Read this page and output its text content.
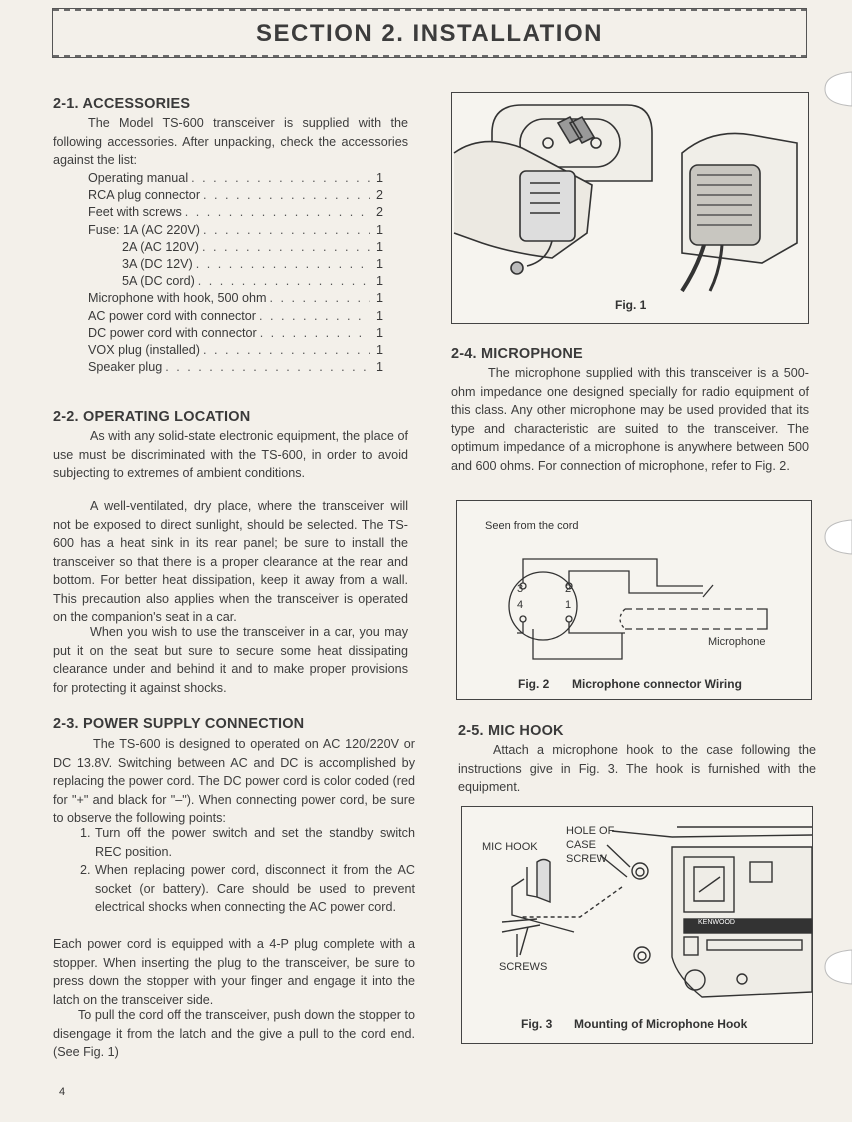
SECTION 2. INSTALLATION
2-1. ACCESSORIES

The Model TS-600 transceiver is supplied with the following accessories. After unpacking, check the accessories against the list:

Operating manual . . .	1
RCA plug connector . . .	2
Feet with screws . . .	2
Fuse: 1A (AC 220V) . . .	1
2A (AC 120V) . . .	1
3A (DC 12V) . . .	1
5A (DC cord) . . .	1
Microphone with hook, 500 ohm . . .	1
AC power cord with connector . . .	1
DC power cord with connector . . .	1
VOX plug (installed) . . .	1
Speaker plug . . .	1
2-2. OPERATING LOCATION

As with any solid-state electronic equipment, the place of use must be discriminated with the TS-600, in order to avoid subjecting to extremes of ambient conditions.

A well-ventilated, dry place, where the transceiver will not be exposed to direct sunlight, should be selected. The TS-600 has a heat sink in its rear panel; be sure to install the transceiver so that there is a proper clearance at the rear and bottom. For better heat dissipation, keep it away from a wall. This precaution also applies when the transceiver is operated on the companion's seat in a car.

When you wish to use the transceiver in a car, you may put it on the seat but sure to secure some heat dissipating clearance under and behind it and to make proper provisions for protecting it against shocks.

2-3. POWER SUPPLY CONNECTION

The TS-600 is designed to operated on AC 120/220V or DC 13.8V. Switching between AC and DC is accomplished by replacing the power cord. The DC power cord is color coded (red for "+" and black for "–"). When connecting power cord, be sure to observe the following points:

1. Turn off the power switch and set the standby switch REC position.

2. When replacing power cord, disconnect it from the AC socket (or battery). Care should be used to prevent electrical shocks when connecting the AC power cord.

Each power cord is equipped with a 4-P plug complete with a stopper. When inserting the plug to the transceiver, be sure to press down the stopper with your finger and engage it into the latch on the transceiver side.

To pull the cord off the transceiver, push down the stopper to disengage it from the latch and the give a pull to the cord end. (See Fig. 1)

Fig. 1
2-4. MICROPHONE

The microphone supplied with this transceiver is a 500-ohm impedance one designed specially for radio equipment of this class. Any other microphone may be used provided that its type and characteristic are suited to the transceiver. The optimum impedance of a microphone is anywhere between 500 and 600 ohms. For connection of microphone, refer to Fig. 2.

Seen from the cord
3
4
2
1
Microphone
Fig. 2 Microphone connector Wiring
2-5. MIC HOOK

Attach a microphone hook to the case following the instructions give in Fig. 3. The hook is furnished with the equipment.

HOLE OF
CASE
SCREW
MIC HOOK
SCREWS
KENWOOD
Fig. 3 Mounting of Microphone Hook
4
